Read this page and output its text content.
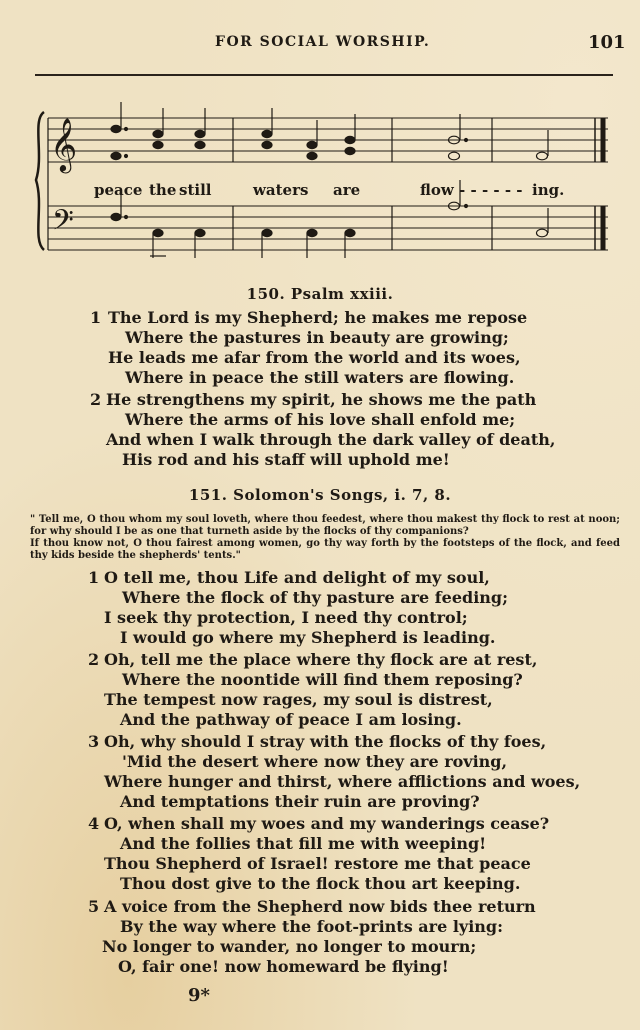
FOR SOCIAL WORSHIP.	101
𝄞
𝄢
peace the still	waters are	flow - - - - - - ing.
150. Psalm xxiii.
1 The Lord is my Shepherd; he makes me repose
Where the pastures in beauty are growing;
He leads me afar from the world and its woes,
Where in peace the still waters are flowing.
2 He strengthens my spirit, he shows me the path
Where the arms of his love shall enfold me;
And when I walk through the dark valley of death,
His rod and his staff will uphold me!
151. Solomon's Songs, i. 7, 8.

" Tell me, O thou whom my soul loveth, where thou feedest, where thou makest thy flock to rest at noon; for why should I be as one that turneth aside by the flocks of thy companions?

If thou know not, O thou fairest among women, go thy way forth by the footsteps of the flock, and feed thy kids beside the shepherds' tents."

1 O tell me, thou Life and delight of my soul,
Where the flock of thy pasture are feeding;
I seek thy protection, I need thy control;
I would go where my Shepherd is leading.
2 Oh, tell me the place where thy flock are at rest,
Where the noontide will find them reposing?
The tempest now rages, my soul is distrest,
And the pathway of peace I am losing.
3 Oh, why should I stray with the flocks of thy foes,
'Mid the desert where now they are roving,
Where hunger and thirst, where afflictions and woes,
And temptations their ruin are proving?
4 O, when shall my woes and my wanderings cease?
And the follies that fill me with weeping!
Thou Shepherd of Israel! restore me that peace
Thou dost give to the flock thou art keeping.
5 A voice from the Shepherd now bids thee return
By the way where the foot-prints are lying:
No longer to wander, no longer to mourn;
O, fair one! now homeward be flying!
9*
